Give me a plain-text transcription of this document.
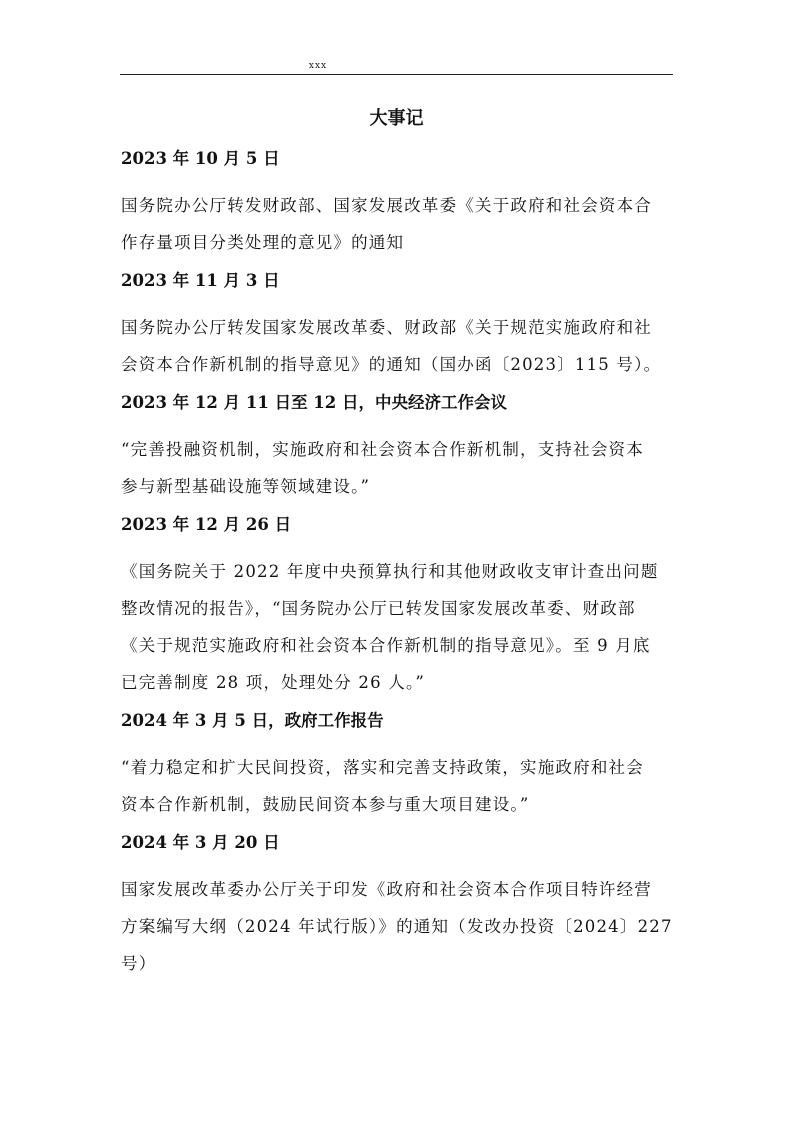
xxx
大事记

2023 年 10 月 5 日

国务院办公厅转发财政部、国家发展改革委《关于政府和社会资本合
作存量项目分类处理的意见》的通知

2023 年 11 月 3 日

国务院办公厅转发国家发展改革委、财政部《关于规范实施政府和社
会资本合作新机制的指导意见》的通知（国办函〔2023〕115 号）。

2023 年 12 月 11 日至 12 日，中央经济工作会议

“完善投融资机制，实施政府和社会资本合作新机制，支持社会资本
参与新型基础设施等领域建设。”

2023 年 12 月 26 日

《国务院关于 2022 年度中央预算执行和其他财政收支审计查出问题
整改情况的报告》，“国务院办公厅已转发国家发展改革委、财政部
《关于规范实施政府和社会资本合作新机制的指导意见》。至 9 月底
已完善制度 28 项，处理处分 26 人。”

2024 年 3 月 5 日，政府工作报告

“着力稳定和扩大民间投资，落实和完善支持政策，实施政府和社会
资本合作新机制，鼓励民间资本参与重大项目建设。”

2024 年 3 月 20 日

国家发展改革委办公厅关于印发《政府和社会资本合作项目特许经营
方案编写大纲（2024 年试行版）》的通知（发改办投资〔2024〕227
号）
